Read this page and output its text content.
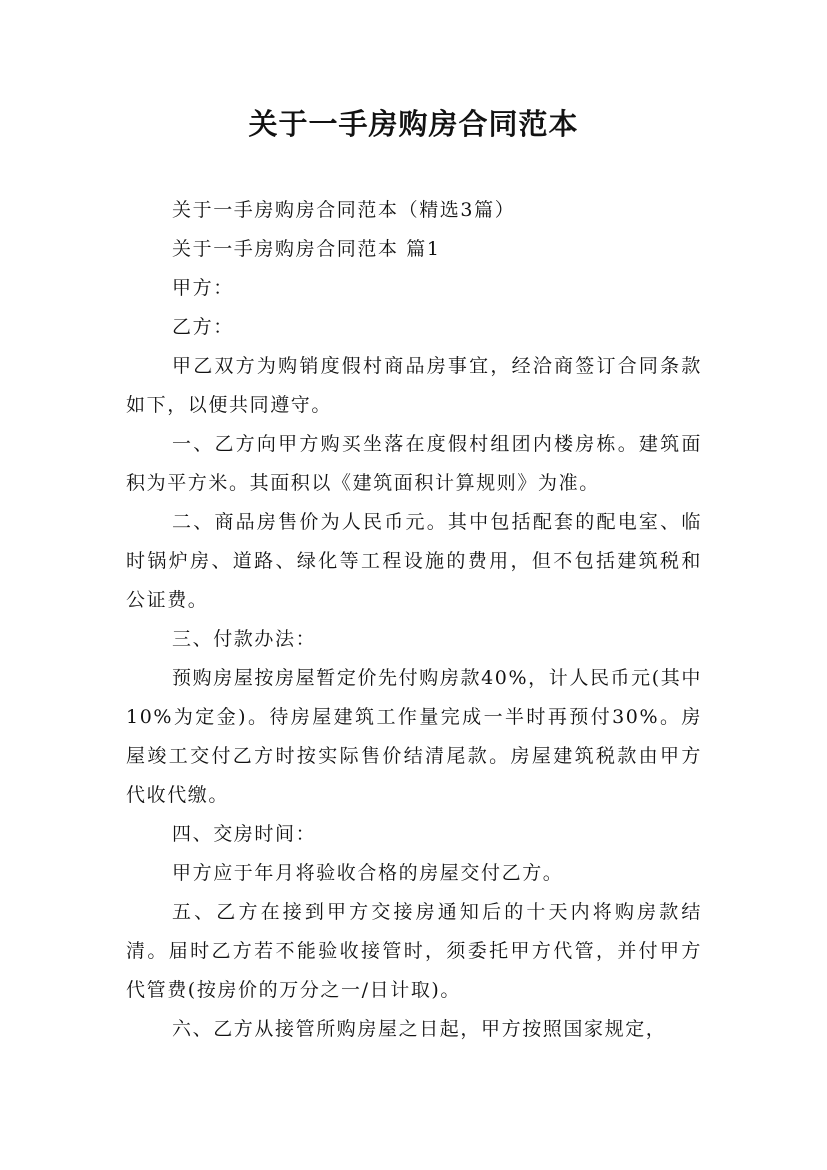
关于一手房购房合同范本

关于一手房购房合同范本（精选3篇）

关于一手房购房合同范本 篇1

甲方：

乙方：

甲乙双方为购销度假村商品房事宜，经洽商签订合同条款如下，以便共同遵守。

一、乙方向甲方购买坐落在度假村组团内楼房栋。建筑面积为平方米。其面积以《建筑面积计算规则》为准。

二、商品房售价为人民币元。其中包括配套的配电室、临时锅炉房、道路、绿化等工程设施的费用，但不包括建筑税和公证费。

三、付款办法：

预购房屋按房屋暂定价先付购房款40%，计人民币元(其中10%为定金)。待房屋建筑工作量完成一半时再预付30%。房屋竣工交付乙方时按实际售价结清尾款。房屋建筑税款由甲方代收代缴。

四、交房时间：

甲方应于年月将验收合格的房屋交付乙方。

五、乙方在接到甲方交接房通知后的十天内将购房款结清。届时乙方若不能验收接管时，须委托甲方代管，并付甲方代管费(按房价的万分之一/日计取)。

六、乙方从接管所购房屋之日起，甲方按照国家规定，
